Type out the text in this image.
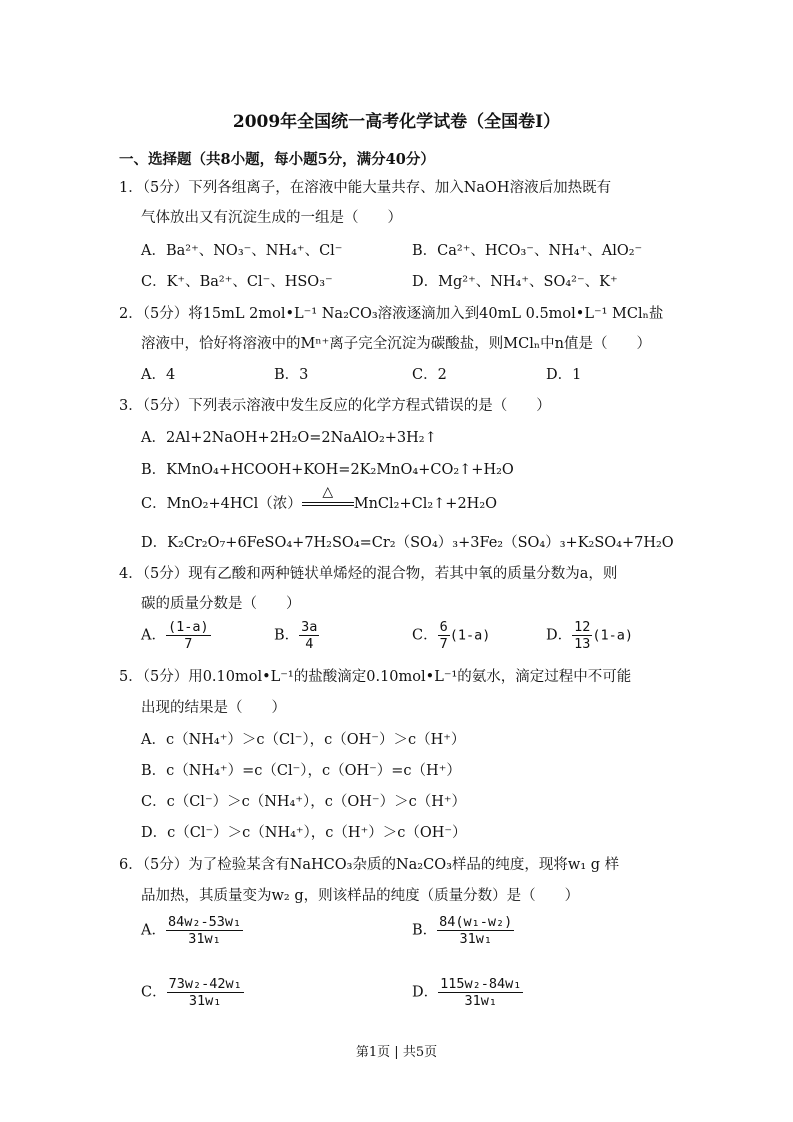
2009年全国统一高考化学试卷（全国卷Ⅰ）
一、选择题（共8小题，每小题5分，满分40分）
1．（5分）下列各组离子，在溶液中能大量共存、加入NaOH溶液后加热既有
气体放出又有沉淀生成的一组是（　　）
A．Ba²⁺、NO₃⁻、NH₄⁺、Cl⁻	B．Ca²⁺、HCO₃⁻、NH₄⁺、AlO₂⁻
C．K⁺、Ba²⁺、Cl⁻、HSO₃⁻	D．Mg²⁺、NH₄⁺、SO₄²⁻、K⁺
2．（5分）将15mL 2mol•L⁻¹ Na₂CO₃溶液逐滴加入到40mL 0.5mol•L⁻¹ MClₙ盐
溶液中，恰好将溶液中的Mⁿ⁺离子完全沉淀为碳酸盐，则MClₙ中n值是（　　）
A．4	B．3	C．2	D．1
3．（5分）下列表示溶液中发生反应的化学方程式错误的是（　　）
A．2Al+2NaOH+2H₂O=2NaAlO₂+3H₂↑
B．KMnO₄+HCOOH+KOH=2K₂MnO₄+CO₂↑+H₂O
C．MnO₂+4HCl（浓）
△
MnCl₂+Cl₂↑+2H₂O
D．K₂Cr₂O₇+6FeSO₄+7H₂SO₄=Cr₂（SO₄）₃+3Fe₂（SO₄）₃+K₂SO₄+7H₂O
4．（5分）现有乙酸和两种链状单烯烃的混合物，若其中氧的质量分数为a，则
碳的质量分数是（　　）
A． $\frac{(1-a)}{7}$	B． $\frac{3a}{4}$	C． $\frac{6}{7} (1-a)$	D． $\frac{12}{13} (1-a)$
5．（5分）用0.10mol•L⁻¹的盐酸滴定0.10mol•L⁻¹的氨水，滴定过程中不可能
出现的结果是（　　）
A．c（NH₄⁺）＞c（Cl⁻），c（OH⁻）＞c（H⁺）
B．c（NH₄⁺）=c（Cl⁻），c（OH⁻）=c（H⁺）
C．c（Cl⁻）＞c（NH₄⁺），c（OH⁻）＞c（H⁺）
D．c（Cl⁻）＞c（NH₄⁺），c（H⁺）＞c（OH⁻）
6．（5分）为了检验某含有NaHCO₃杂质的Na₂CO₃样品的纯度，现将w₁ g 样
品加热，其质量变为w₂ g，则该样品的纯度（质量分数）是（　　）
A． $\frac{\text{84w₂-53w₁}}{\text{31w₁}}$	B． $\frac{\text{84(w₁-w₂)}}{\text{31w₁}}$
C． $\frac{\text{73w₂-42w₁}}{\text{31w₁}}$	D． $\frac{\text{115w₂-84w₁}}{\text{31w₁}}$
第1页 | 共5页
